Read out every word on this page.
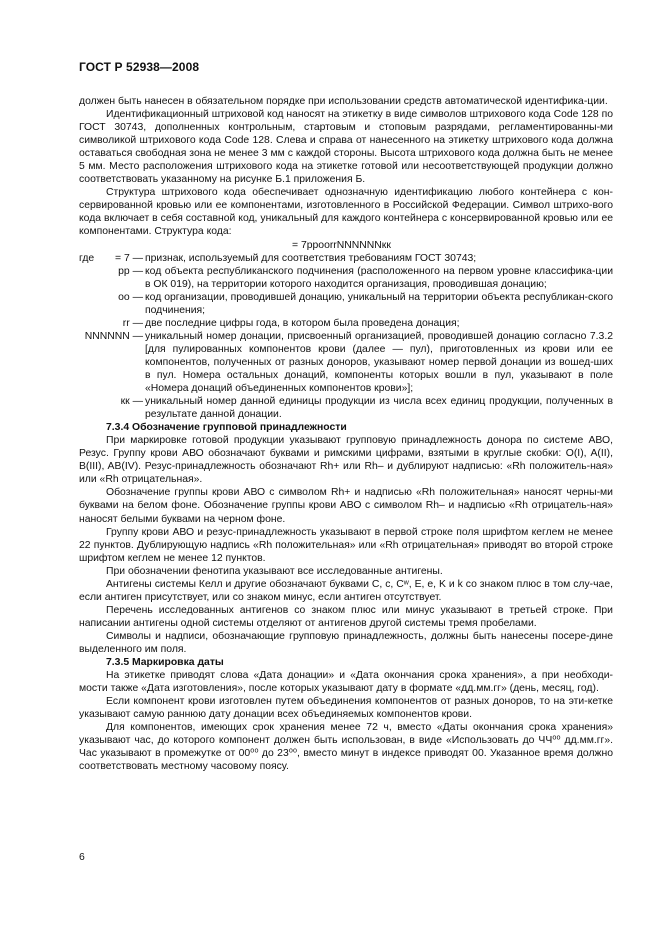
ГОСТ Р 52938—2008

должен быть нанесен в обязательном порядке при использовании средств автоматической идентифика-ции.

Идентификационный штриховой код наносят на этикетку в виде символов штрихового кода Code 128 по ГОСТ 30743, дополненных контрольным, стартовым и стоповым разрядами, регламентированны-ми символикой штрихового кода Code 128. Слева и справа от нанесенного на этикетку штрихового кода должна оставаться свободная зона не менее 3 мм с каждой стороны. Высота штрихового кода должна быть не менее 5 мм. Место расположения штрихового кода на этикетке готовой или несоответствующей продукции должно соответствовать указанному на рисунке Б.1 приложения Б.

Структура штрихового кода обеспечивает однозначную идентификацию любого контейнера с кон-сервированной кровью или ее компонентами, изготовленного в Российской Федерации. Символ штрихо-вого кода включает в себя составной код, уникальный для каждого контейнера с консервированной кровью или ее компонентами. Структура кода:

= 7ppoorrNNNNNNкк

где	= 7 — признак, используемый для соответствия требованиям ГОСТ 30743;
pp — код объекта республиканского подчинения (расположенного на первом уровне классифика-ции в ОК 019), на территории которого находится организация, проводившая донацию;
oo — код организации, проводившей донацию, уникальный на территории объекта республикан-ского подчинения;
rr — две последние цифры года, в котором была проведена донация;
NNNNNN — уникальный номер донации, присвоенный организацией, проводившей донацию согласно 7.3.2 [для пулированных компонентов крови (далее — пул), приготовленных из крови или ее компонентов, полученных от разных доноров, указывают номер первой донации из вошед-ших в пул. Номера остальных донаций, компоненты которых вошли в пул, указывают в поле «Номера донаций объединенных компонентов крови»];
кк — уникальный номер данной единицы продукции из числа всех единиц продукции, полученных в результате данной донации.

7.3.4 Обозначение групповой принадлежности

При маркировке готовой продукции указывают групповую принадлежность донора по системе АВО, Резус. Группу крови АВО обозначают буквами и римскими цифрами, взятыми в круглые скобки: O(I), A(II), B(III), AB(IV). Резус-принадлежность обозначают Rh+ или Rh– и дублируют надписью: «Rh положитель-ная» или «Rh отрицательная».

Обозначение группы крови АВО с символом Rh+ и надписью «Rh положительная» наносят черны-ми буквами на белом фоне. Обозначение группы крови АВО с символом Rh– и надписью «Rh отрицатель-ная» наносят белыми буквами на черном фоне.

Группу крови АВО и резус-принадлежность указывают в первой строке поля шрифтом кеглем не менее 22 пунктов. Дублирующую надпись «Rh положительная» или «Rh отрицательная» приводят во второй строке шрифтом кеглем не менее 12 пунктов.

При обозначении фенотипа указывают все исследованные антигены.

Антигены системы Келл и другие обозначают буквами C, c, Cʷ, E, e, K и k со знаком плюс в том слу-чае, если антиген присутствует, или со знаком минус, если антиген отсутствует.

Перечень исследованных антигенов со знаком плюс или минус указывают в третьей строке. При написании антигены одной системы отделяют от антигенов другой системы тремя пробелами.

Символы и надписи, обозначающие групповую принадлежность, должны быть нанесены посере-дине выделенного им поля.

7.3.5 Маркировка даты

На этикетке приводят слова «Дата донации» и «Дата окончания срока хранения», а при необходи-мости также «Дата изготовления», после которых указывают дату в формате «дд.мм.гг» (день, месяц, год).

Если компонент крови изготовлен путем объединения компонентов от разных доноров, то на эти-кетке указывают самую раннюю дату донации всех объединяемых компонентов крови.

Для компонентов, имеющих срок хранения менее 72 ч, вместо «Даты окончания срока хранения» указывают час, до которого компонент должен быть использован, в виде «Использовать до ЧЧ⁰⁰ дд.мм.гг». Час указывают в промежутке от 00⁰⁰ до 23⁰⁰, вместо минут в индексе приводят 00. Указанное время должно соответствовать местному часовому поясу.

6
